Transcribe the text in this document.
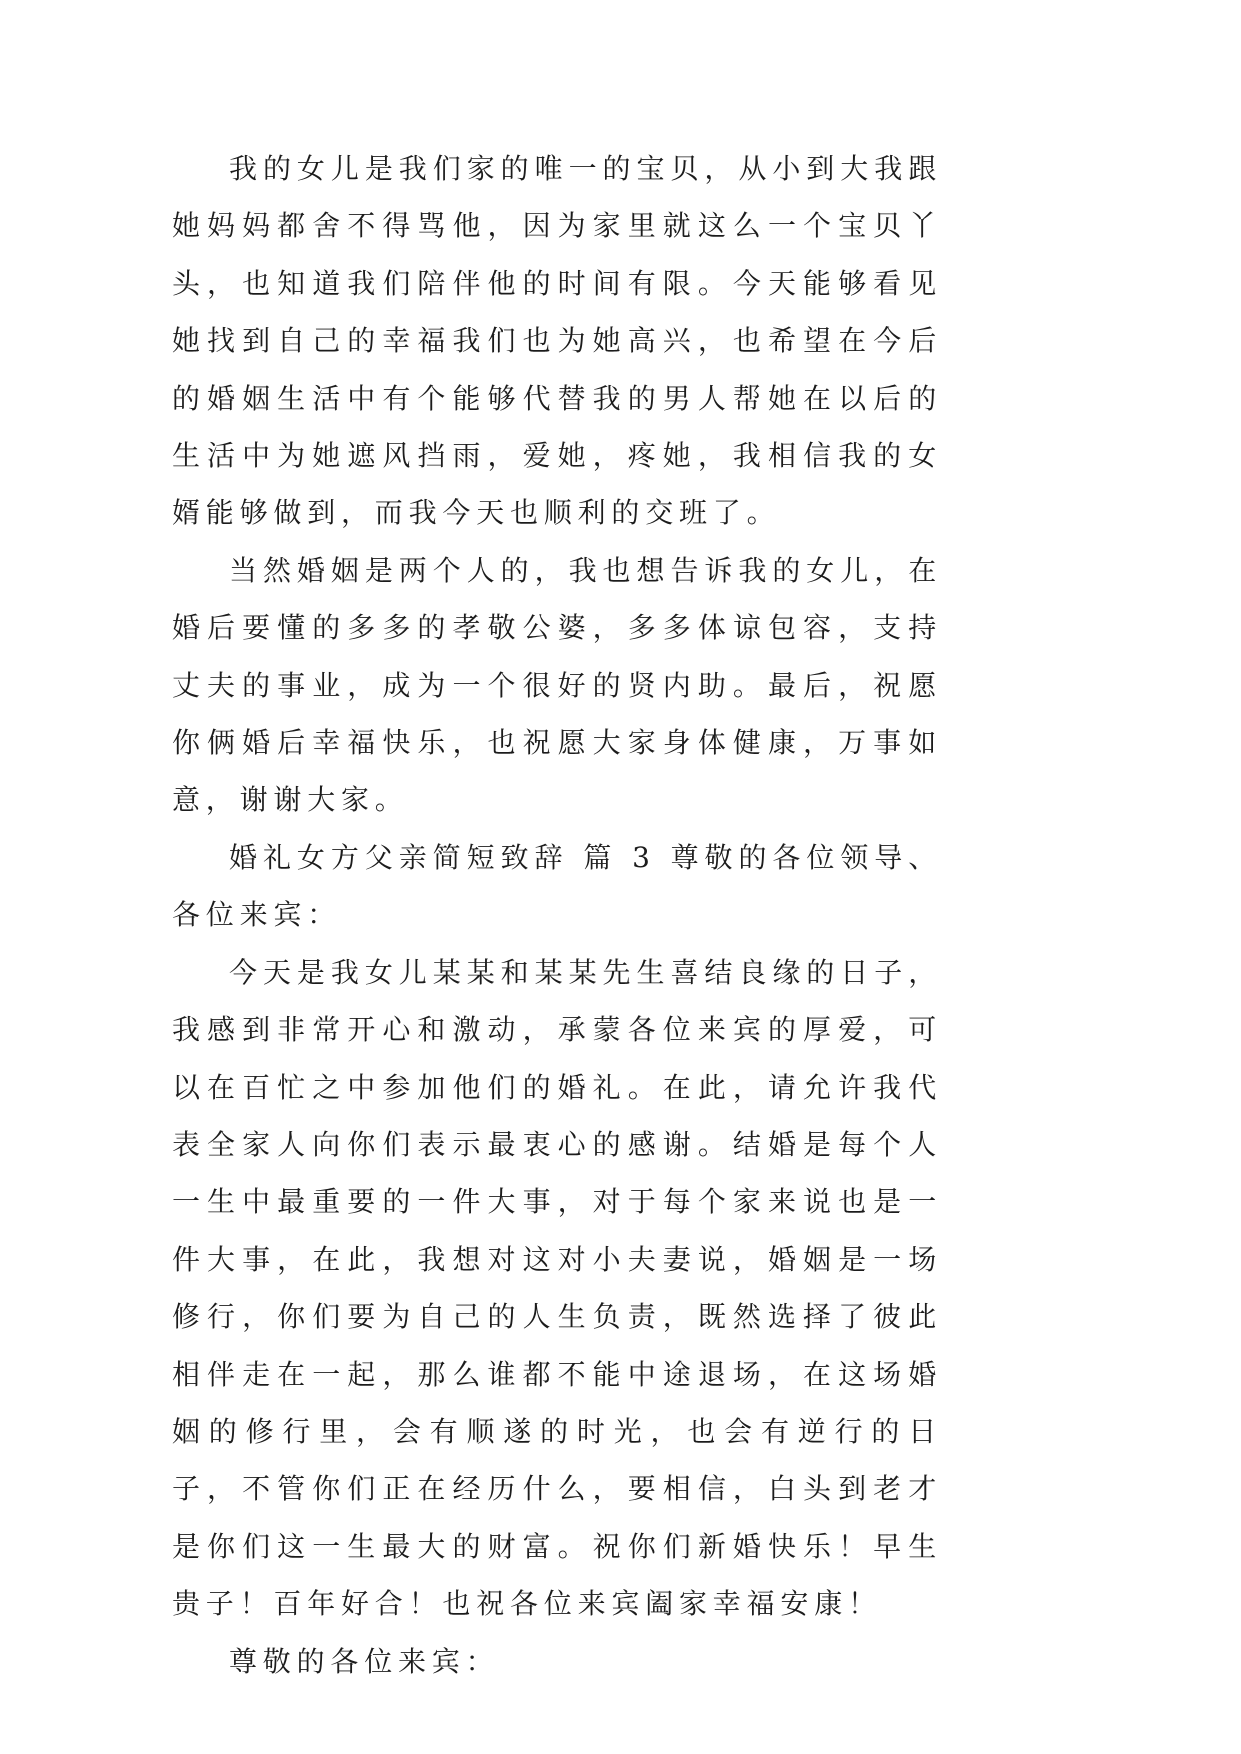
我的女儿是我们家的唯一的宝贝，从小到大我跟她妈妈都舍不得骂他，因为家里就这么一个宝贝丫头，也知道我们陪伴他的时间有限。今天能够看见她找到自己的幸福我们也为她高兴，也希望在今后的婚姻生活中有个能够代替我的男人帮她在以后的生活中为她遮风挡雨，爱她，疼她，我相信我的女婿能够做到，而我今天也顺利的交班了。

当然婚姻是两个人的，我也想告诉我的女儿，在婚后要懂的多多的孝敬公婆，多多体谅包容，支持丈夫的事业，成为一个很好的贤内助。最后，祝愿你俩婚后幸福快乐，也祝愿大家身体健康，万事如意，谢谢大家。

婚礼女方父亲简短致辞 篇 3 尊敬的各位领导、各位来宾：

今天是我女儿某某和某某先生喜结良缘的日子，我感到非常开心和激动，承蒙各位来宾的厚爱，可以在百忙之中参加他们的婚礼。在此，请允许我代表全家人向你们表示最衷心的感谢。结婚是每个人一生中最重要的一件大事，对于每个家来说也是一件大事，在此，我想对这对小夫妻说，婚姻是一场修行，你们要为自己的人生负责，既然选择了彼此相伴走在一起，那么谁都不能中途退场，在这场婚姻的修行里，会有顺遂的时光，也会有逆行的日子，不管你们正在经历什么，要相信，白头到老才是你们这一生最大的财富。祝你们新婚快乐！早生贵子！百年好合！也祝各位来宾阖家幸福安康！

尊敬的各位来宾：
